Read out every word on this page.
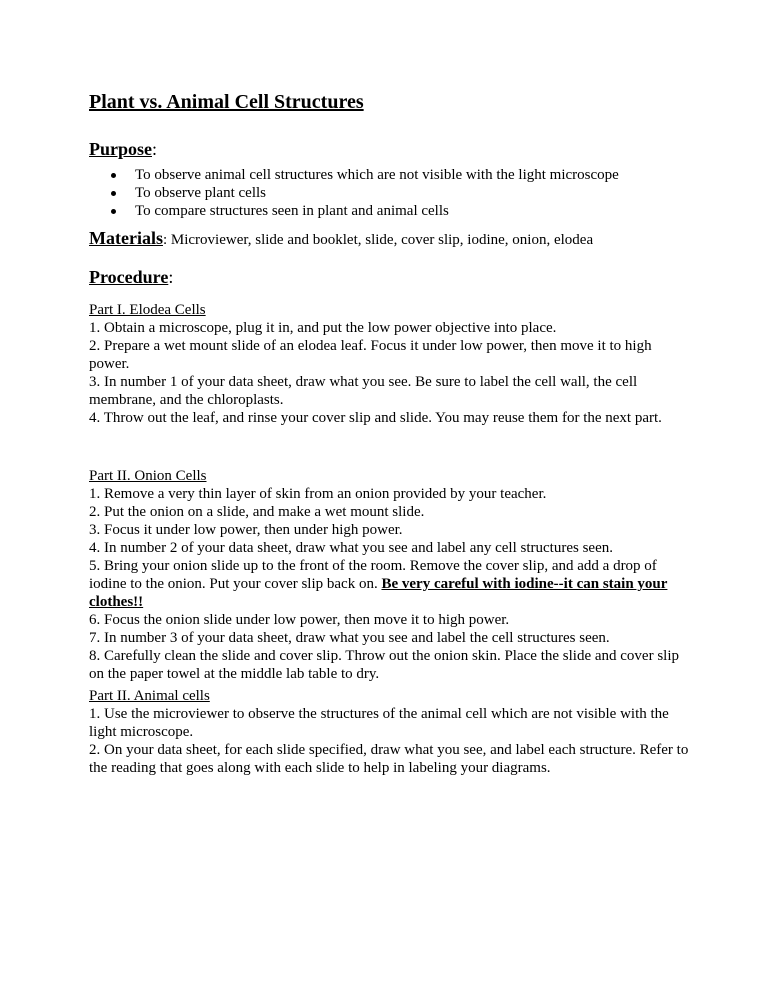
Plant vs. Animal Cell Structures
Purpose:
To observe animal cell structures which are not visible with the light microscope
To observe plant cells
To compare structures seen in plant and animal cells
Materials: Microviewer, slide and booklet, slide, cover slip, iodine, onion, elodea
Procedure:

Part I. Elodea Cells

1. Obtain a microscope, plug it in, and put the low power objective into place.

2. Prepare a wet mount slide of an elodea leaf. Focus it under low power, then move it to high power.

3. In number 1 of your data sheet, draw what you see. Be sure to label the cell wall, the cell membrane, and the chloroplasts.

4. Throw out the leaf, and rinse your cover slip and slide. You may reuse them for the next part.

Part II. Onion Cells

1. Remove a very thin layer of skin from an onion provided by your teacher.

2. Put the onion on a slide, and make a wet mount slide.

3. Focus it under low power, then under high power.

4. In number 2 of your data sheet, draw what you see and label any cell structures seen.

5. Bring your onion slide up to the front of the room. Remove the cover slip, and add a drop of iodine to the onion. Put your cover slip back on. Be very careful with iodine--it can stain your clothes!!

6. Focus the onion slide under low power, then move it to high power.

7. In number 3 of your data sheet, draw what you see and label the cell structures seen.

8. Carefully clean the slide and cover slip. Throw out the onion skin. Place the slide and cover slip on the paper towel at the middle lab table to dry.

Part II. Animal cells

1. Use the microviewer to observe the structures of the animal cell which are not visible with the light microscope.

2. On your data sheet, for each slide specified, draw what you see, and label each structure. Refer to the reading that goes along with each slide to help in labeling your diagrams.
